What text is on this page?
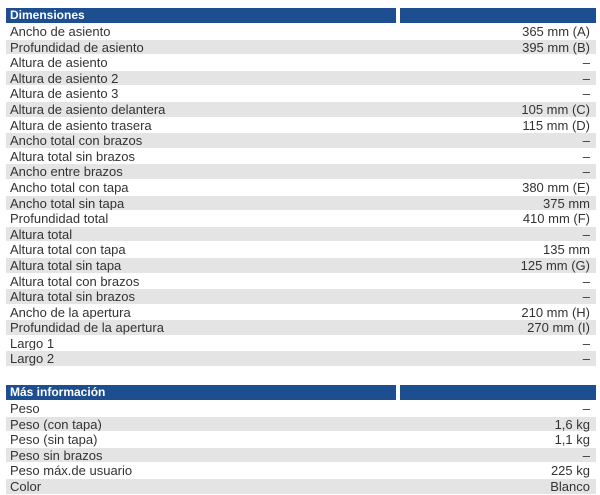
Dimensiones
Ancho de asiento	365 mm (A)
Profundidad de asiento	395 mm (B)
Altura de asiento	–
Altura de asiento 2	–
Altura de asiento 3	–
Altura de asiento delantera	105 mm (C)
Altura de asiento trasera	115 mm (D)
Ancho total con brazos	–
Altura total sin brazos	–
Ancho entre brazos	–
Ancho total con tapa	380 mm (E)
Ancho total sin tapa	375 mm
Profundidad total	410 mm (F)
Altura total	–
Altura total con tapa	135 mm
Altura total sin tapa	125 mm (G)
Altura total con brazos	–
Altura total sin brazos	–
Ancho de la apertura	210 mm (H)
Profundidad de la apertura	270 mm (I)
Largo 1	–
Largo 2	–
Más información
Peso	–
Peso (con tapa)	1,6 kg
Peso (sin tapa)	1,1 kg
Peso sin brazos	–
Peso máx.de usuario	225 kg
Color	Blanco
